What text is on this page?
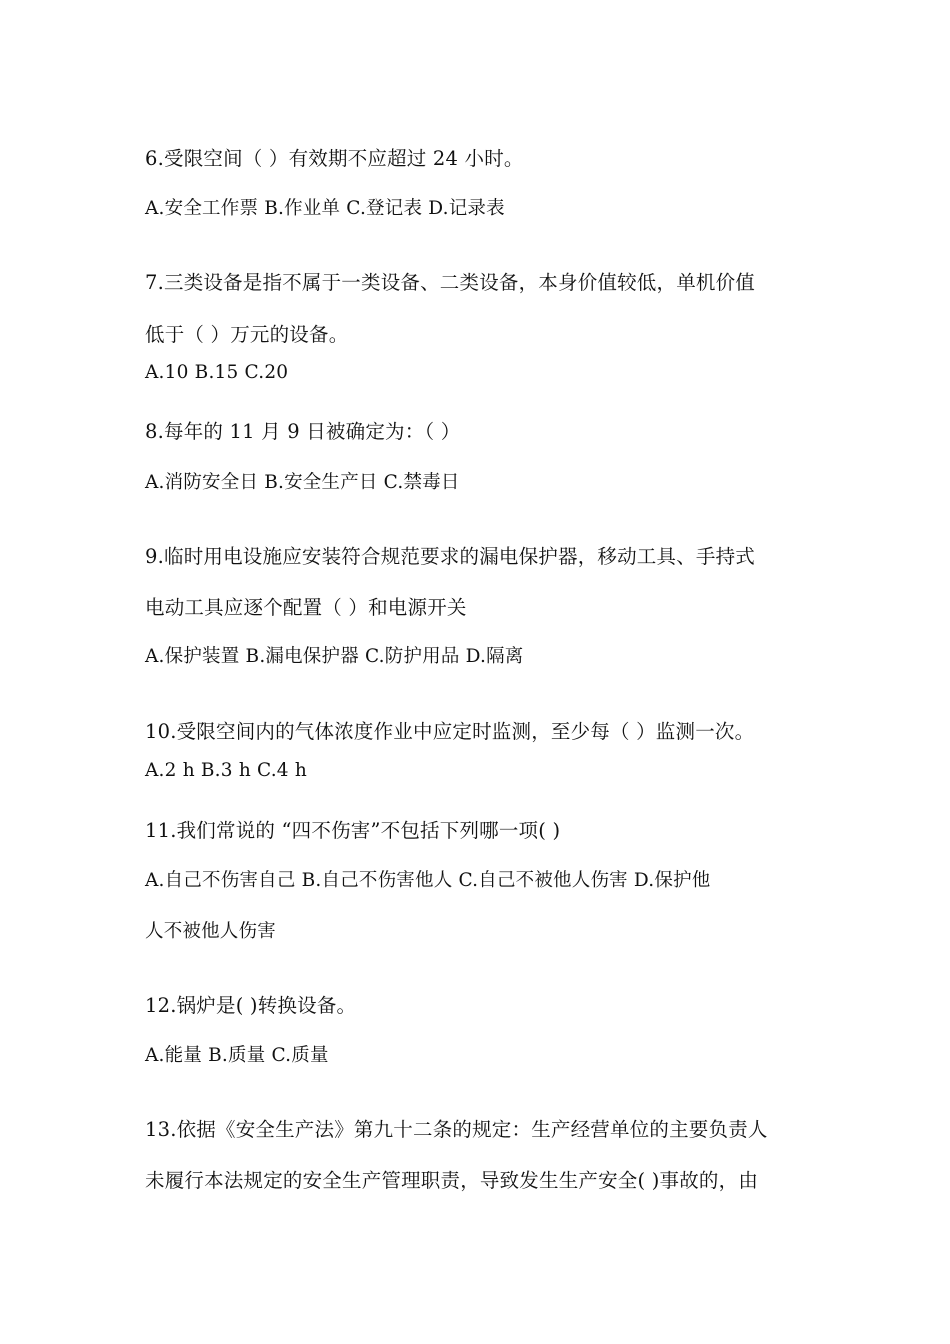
6.受限空间（ ）有效期不应超过 24 小时。
A.安全工作票 B.作业单 C.登记表 D.记录表
7.三类设备是指不属于一类设备、二类设备，本身价值较低，单机价值
低于（ ）万元的设备。
A.10 B.15 C.20
8.每年的 11 月 9 日被确定为：（ ）
A.消防安全日 B.安全生产日 C.禁毒日
9.临时用电设施应安装符合规范要求的漏电保护器，移动工具、手持式
电动工具应逐个配置（ ）和电源开关
A.保护装置 B.漏电保护器 C.防护用品 D.隔离
10.受限空间内的气体浓度作业中应定时监测，至少每（ ）监测一次。
A.2 h B.3 h C.4 h
11.我们常说的 “四不伤害”不包括下列哪一项( )
A.自己不伤害自己 B.自己不伤害他人 C.自己不被他人伤害 D.保护他
人不被他人伤害
12.锅炉是( )转换设备。
A.能量 B.质量 C.质量
13.依据《安全生产法》第九十二条的规定：生产经营单位的主要负责人
未履行本法规定的安全生产管理职责，导致发生生产安全( )事故的，由
